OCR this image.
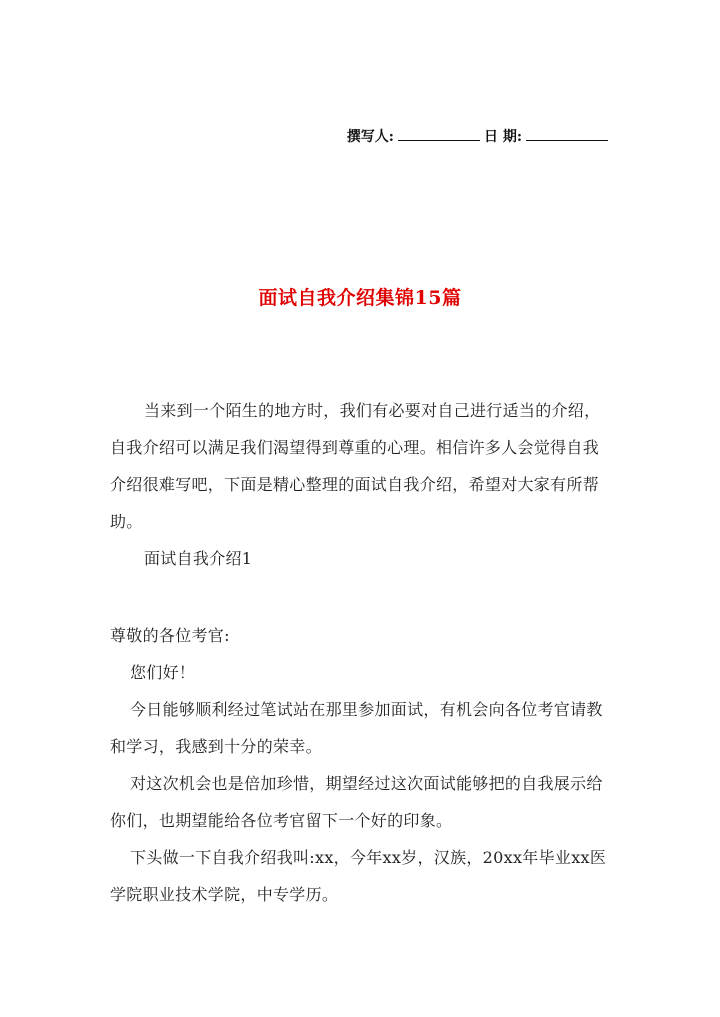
撰写人:	日 期:
面试自我介绍集锦15篇

当来到一个陌生的地方时，我们有必要对自己进行适当的介绍，自我介绍可以满足我们渴望得到尊重的心理。相信许多人会觉得自我介绍很难写吧，下面是精心整理的面试自我介绍，希望对大家有所帮助。

面试自我介绍1

尊敬的各位考官:

您们好！

今日能够顺利经过笔试站在那里参加面试，有机会向各位考官请教和学习，我感到十分的荣幸。

对这次机会也是倍加珍惜，期望经过这次面试能够把的自我展示给你们，也期望能给各位考官留下一个好的印象。

下头做一下自我介绍我叫:xx，今年xx岁，汉族，20xx年毕业xx医学院职业技术学院，中专学历。
